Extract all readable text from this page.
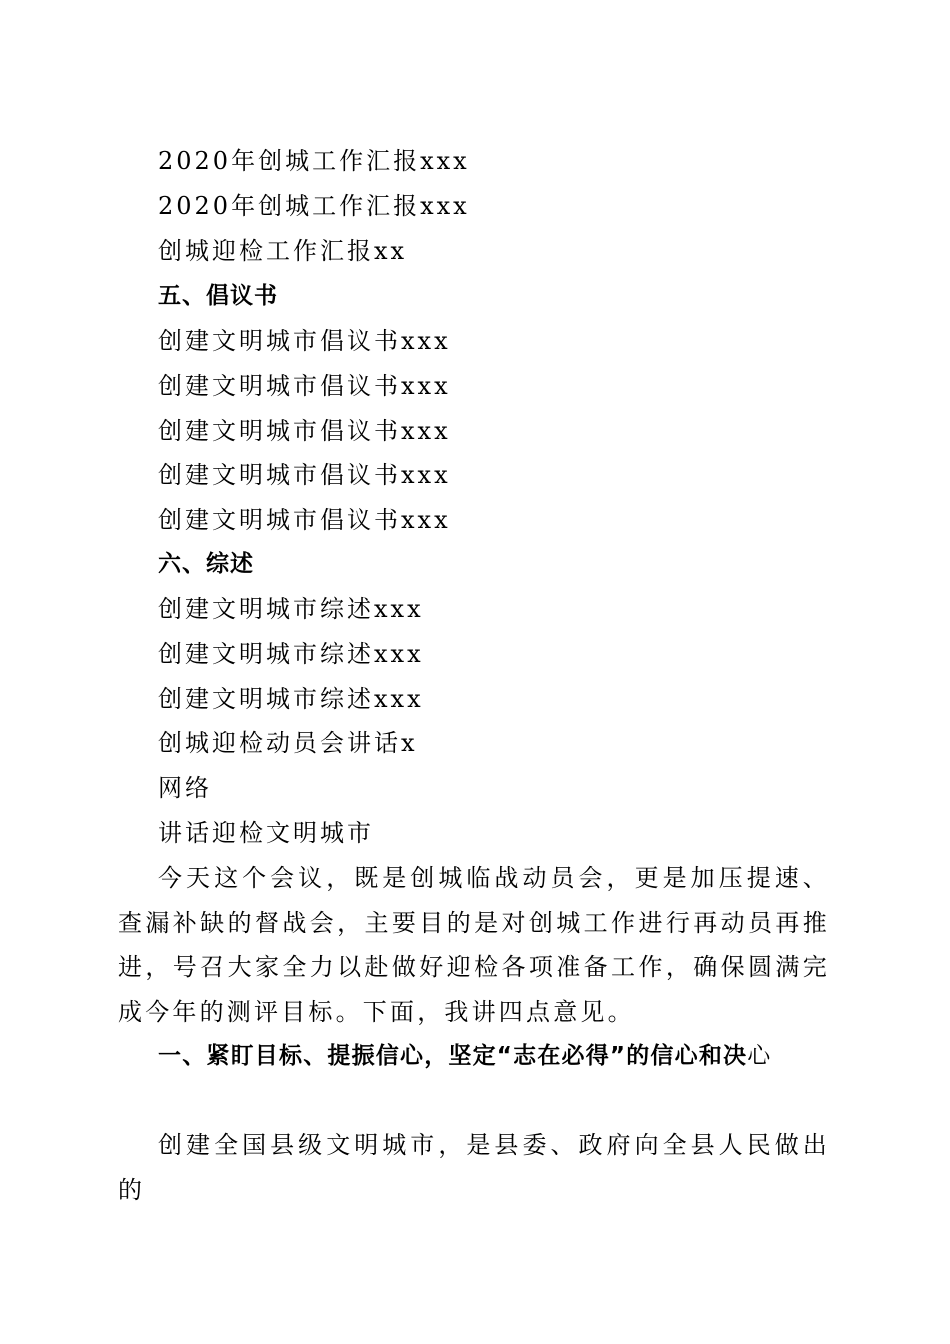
2020年创城工作汇报xxx
2020年创城工作汇报xxx
创城迎检工作汇报xx
五、倡议书
创建文明城市倡议书xxx
创建文明城市倡议书xxx
创建文明城市倡议书xxx
创建文明城市倡议书xxx
创建文明城市倡议书xxx
六、综述
创建文明城市综述xxx
创建文明城市综述xxx
创建文明城市综述xxx
创城迎检动员会讲话x
网络
讲话迎检文明城市
今天这个会议，既是创城临战动员会，更是加压提速、查漏补缺的督战会，主要目的是对创城工作进行再动员再推进，号召大家全力以赴做好迎检各项准备工作，确保圆满完成今年的测评目标。下面，我讲四点意见。
一、紧盯目标、提振信心，坚定“志在必得”的信心和决心
创建全国县级文明城市，是县委、政府向全县人民做出的
